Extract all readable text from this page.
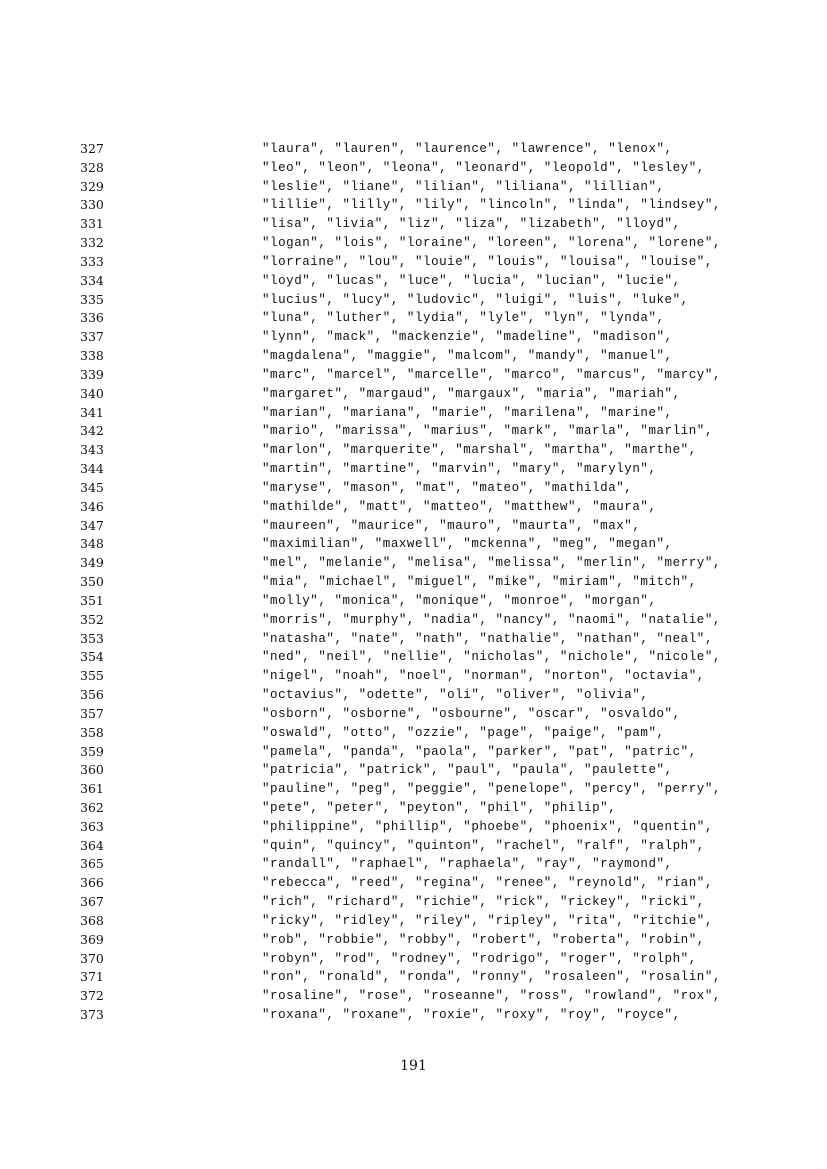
327	"laura", "lauren", "laurence", "lawrence", "lenox",
328	"leo", "leon", "leona", "leonard", "leopold", "lesley",
329	"leslie", "liane", "lilian", "liliana", "lillian",
330	"lillie", "lilly", "lily", "lincoln", "linda", "lindsey",
331	"lisa", "livia", "liz", "liza", "lizabeth", "lloyd",
332	"logan", "lois", "loraine", "loreen", "lorena", "lorene",
333	"lorraine", "lou", "louie", "louis", "louisa", "louise",
334	"loyd", "lucas", "luce", "lucia", "lucian", "lucie",
335	"lucius", "lucy", "ludovic", "luigi", "luis", "luke",
336	"luna", "luther", "lydia", "lyle", "lyn", "lynda",
337	"lynn", "mack", "mackenzie", "madeline", "madison",
338	"magdalena", "maggie", "malcom", "mandy", "manuel",
339	"marc", "marcel", "marcelle", "marco", "marcus", "marcy",
340	"margaret", "margaud", "margaux", "maria", "mariah",
341	"marian", "mariana", "marie", "marilena", "marine",
342	"mario", "marissa", "marius", "mark", "marla", "marlin",
343	"marlon", "marquerite", "marshal", "martha", "marthe",
344	"martin", "martine", "marvin", "mary", "marylyn",
345	"maryse", "mason", "mat", "mateo", "mathilda",
346	"mathilde", "matt", "matteo", "matthew", "maura",
347	"maureen", "maurice", "mauro", "maurta", "max",
348	"maximilian", "maxwell", "mckenna", "meg", "megan",
349	"mel", "melanie", "melisa", "melissa", "merlin", "merry",
350	"mia", "michael", "miguel", "mike", "miriam", "mitch",
351	"molly", "monica", "monique", "monroe", "morgan",
352	"morris", "murphy", "nadia", "nancy", "naomi", "natalie",
353	"natasha", "nate", "nath", "nathalie", "nathan", "neal",
354	"ned", "neil", "nellie", "nicholas", "nichole", "nicole",
355	"nigel", "noah", "noel", "norman", "norton", "octavia",
356	"octavius", "odette", "oli", "oliver", "olivia",
357	"osborn", "osborne", "osbourne", "oscar", "osvaldo",
358	"oswald", "otto", "ozzie", "page", "paige", "pam",
359	"pamela", "panda", "paola", "parker", "pat", "patric",
360	"patricia", "patrick", "paul", "paula", "paulette",
361	"pauline", "peg", "peggie", "penelope", "percy", "perry",
362	"pete", "peter", "peyton", "phil", "philip",
363	"philippine", "phillip", "phoebe", "phoenix", "quentin",
364	"quin", "quincy", "quinton", "rachel", "ralf", "ralph",
365	"randall", "raphael", "raphaela", "ray", "raymond",
366	"rebecca", "reed", "regina", "renee", "reynold", "rian",
367	"rich", "richard", "richie", "rick", "rickey", "ricki",
368	"ricky", "ridley", "riley", "ripley", "rita", "ritchie",
369	"rob", "robbie", "robby", "robert", "roberta", "robin",
370	"robyn", "rod", "rodney", "rodrigo", "roger", "rolph",
371	"ron", "ronald", "ronda", "ronny", "rosaleen", "rosalin",
372	"rosaline", "rose", "roseanne", "ross", "rowland", "rox",
373	"roxana", "roxane", "roxie", "roxy", "roy", "royce",
191
